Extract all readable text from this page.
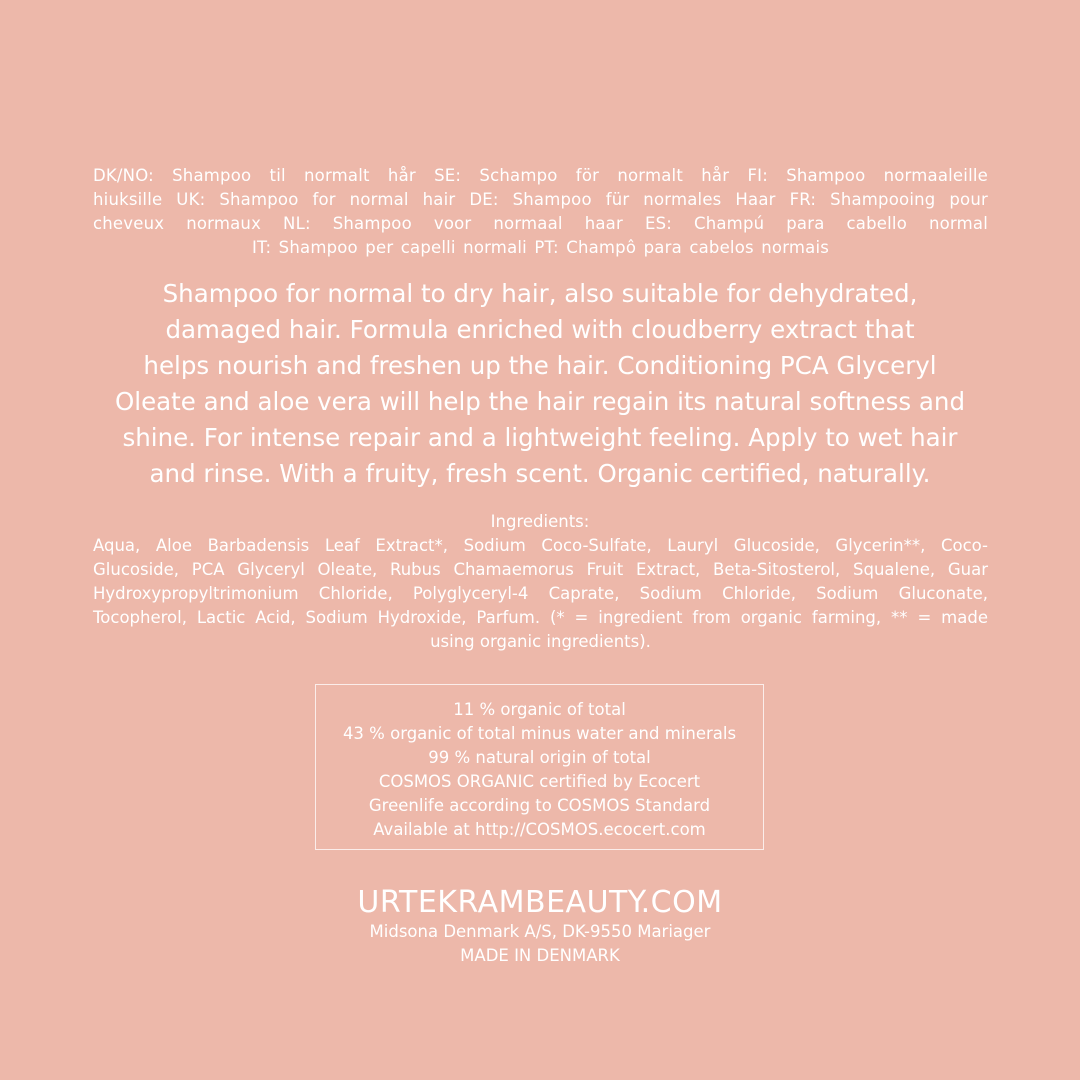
DK/NO: Shampoo til normalt hår SE: Schampo för normalt hår FI: Shampoo normaaleille
hiuksille UK: Shampoo for normal hair DE: Shampoo für normales Haar FR: Shampooing pour
cheveux normaux NL: Shampoo voor normaal haar ES: Champú para cabello normal
IT: Shampoo per capelli normali PT: Champô para cabelos normais
Shampoo for normal to dry hair, also suitable for dehydrated,
damaged hair. Formula enriched with cloudberry extract that
helps nourish and freshen up the hair. Conditioning PCA Glyceryl
Oleate and aloe vera will help the hair regain its natural softness and
shine. For intense repair and a lightweight feeling. Apply to wet hair
and rinse. With a fruity, fresh scent. Organic certified, naturally.
Ingredients:
Aqua, Aloe Barbadensis Leaf Extract*, Sodium Coco-Sulfate, Lauryl Glucoside, Glycerin**, Coco-
Glucoside, PCA Glyceryl Oleate, Rubus Chamaemorus Fruit Extract, Beta-Sitosterol, Squalene, Guar
Hydroxypropyltrimonium Chloride, Polyglyceryl-4 Caprate, Sodium Chloride, Sodium Gluconate,
Tocopherol, Lactic Acid, Sodium Hydroxide, Parfum. (* = ingredient from organic farming, ** = made
using organic ingredients).
11 % organic of total
43 % organic of total minus water and minerals
99 % natural origin of total
COSMOS ORGANIC certified by Ecocert
Greenlife according to COSMOS Standard
Available at http://COSMOS.ecocert.com
URTEKRAMBEAUTY.COM
Midsona Denmark A/S, DK-9550 Mariager
MADE IN DENMARK
